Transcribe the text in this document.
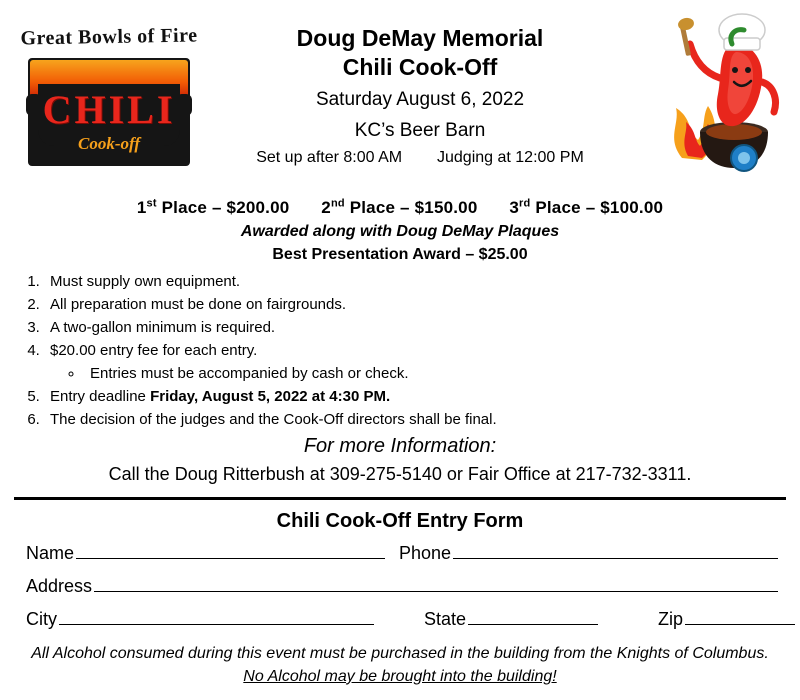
Great Bowls of Fire
CHILI
Cook-off
Doug DeMay Memorial
Chili Cook-Off
Saturday August 6, 2022
KC’s Beer Barn
Set up after 8:00 AM Judging at 12:00 PM
1st Place – $200.00 2nd Place – $150.00 3rd Place – $100.00
Awarded along with Doug DeMay Plaques
Best Presentation Award – $25.00
1. Must supply own equipment.
2. All preparation must be done on fairgrounds.
3. A two-gallon minimum is required.
4. $20.00 entry fee for each entry.
◦ Entries must be accompanied by cash or check.
5. Entry deadline Friday, August 5, 2022 at 4:30 PM.
6. The decision of the judges and the Cook-Off directors shall be final.
For more Information:
Call the Doug Ritterbush at 309-275-5140 or Fair Office at 217-732-3311.
Chili Cook-Off Entry Form
Name	Phone
Address
City	State	Zip
All Alcohol consumed during this event must be purchased in the building from the Knights of Columbus. No Alcohol may be brought into the building!
